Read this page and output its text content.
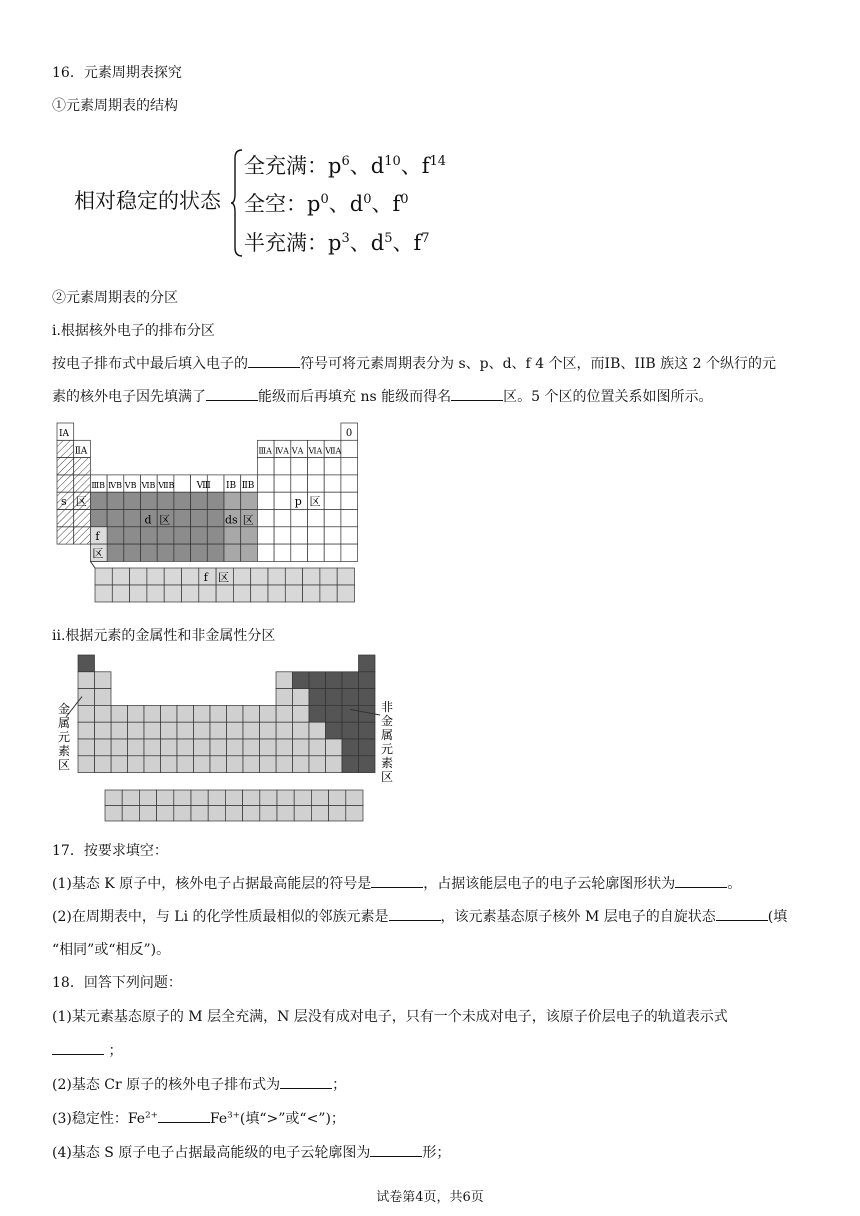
16．元素周期表探究
①元素周期表的结构
相对稳定的状态
全充满：$p^6$、$d^{10}$、$f^{14}$
全空：$p^0$、$d^0$、$f^0$
半充满：$p^3$、$d^5$、$f^7$
②元素周期表的分区
i.根据核外电子的排布分区
按电子排布式中最后填入电子的	符号可将元素周期表分为 s、p、d、f 4 个区，而IB、IIB 族这 2 个纵行的元
素的核外电子因先填满了	能级而后再填充 ns 能级而得名	区。5 个区的位置关系如图所示。
ⅠA
ⅡA
0
ⅢB ⅣB ⅤB ⅥB ⅦB Ⅷ ⅠB ⅡB
ⅢA ⅣA ⅤA ⅥA ⅦA
s 区
d 区	ds 区
p 区
f
区
f 区
ii.根据元素的金属性和非金属性分区
金
属
元
素
区
非
金
属
元
素
区
17．按要求填空：
(1)基态 K 原子中，核外电子占据最高能层的符号是	，占据该能层电子的电子云轮廓图形状为	。
(2)在周期表中，与 Li 的化学性质最相似的邻族元素是	，该元素基态原子核外 M 层电子的自旋状态	(填
“相同”或“相反”)。
18．回答下列问题：
(1)某元素基态原子的 M 层全充满，N 层没有成对电子，只有一个未成对电子，该原子价层电子的轨道表示式
；
(2)基态 Cr 原子的核外电子排布式为	；
(3)稳定性：$Fe^{2+}$	$Fe^{3+}$(填“>”或“<”)；
(4)基态 S 原子电子占据最高能级的电子云轮廓图为	形；
试卷第4页，共6页
